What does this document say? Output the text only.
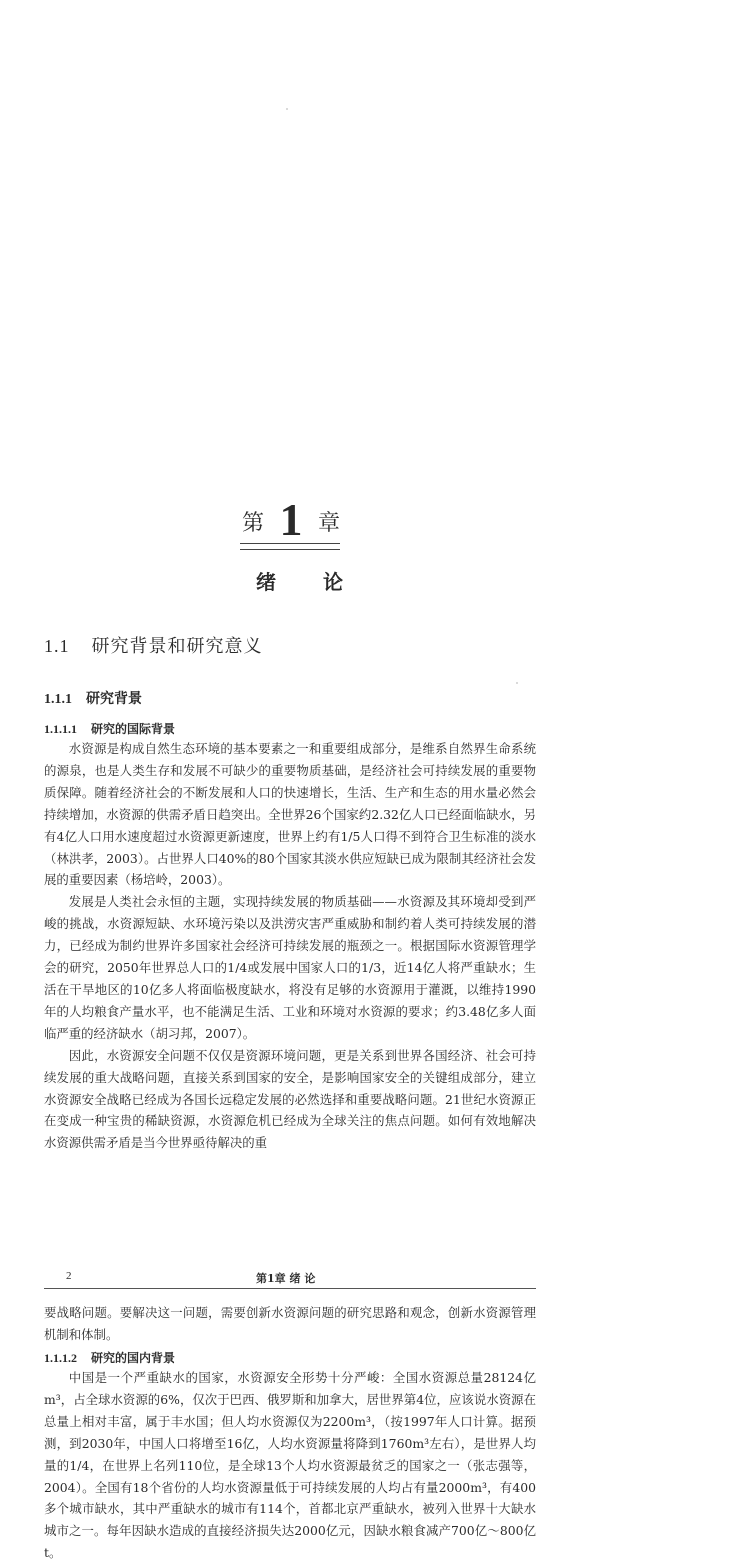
第 1 章
绪 论
1.1 研究背景和研究意义
1.1.1 研究背景
1.1.1.1 研究的国际背景

水资源是构成自然生态环境的基本要素之一和重要组成部分，是维系自然界生命系统的源泉，也是人类生存和发展不可缺少的重要物质基础，是经济社会可持续发展的重要物质保障。随着经济社会的不断发展和人口的快速增长，生活、生产和生态的用水量必然会持续增加，水资源的供需矛盾日趋突出。全世界26个国家约2.32亿人口已经面临缺水，另有4亿人口用水速度超过水资源更新速度，世界上约有1/5人口得不到符合卫生标准的淡水（林洪孝，2003）。占世界人口40%的80个国家其淡水供应短缺已成为限制其经济社会发展的重要因素（杨培岭，2003）。

发展是人类社会永恒的主题，实现持续发展的物质基础——水资源及其环境却受到严峻的挑战，水资源短缺、水环境污染以及洪涝灾害严重威胁和制约着人类可持续发展的潜力，已经成为制约世界许多国家社会经济可持续发展的瓶颈之一。根据国际水资源管理学会的研究，2050年世界总人口的1/4或发展中国家人口的1/3，近14亿人将严重缺水；生活在干旱地区的10亿多人将面临极度缺水，将没有足够的水资源用于灌溉，以维持1990年的人均粮食产量水平，也不能满足生活、工业和环境对水资源的要求；约3.48亿多人面临严重的经济缺水（胡习邦，2007）。

因此，水资源安全问题不仅仅是资源环境问题，更是关系到世界各国经济、社会可持续发展的重大战略问题，直接关系到国家的安全，是影响国家安全的关键组成部分，建立水资源安全战略已经成为各国长远稳定发展的必然选择和重要战略问题。21世纪水资源正在变成一种宝贵的稀缺资源，水资源危机已经成为全球关注的焦点问题。如何有效地解决水资源供需矛盾是当今世界亟待解决的重

2	第1章 绪 论

要战略问题。要解决这一问题，需要创新水资源问题的研究思路和观念，创新水资源管理机制和体制。

1.1.1.2 研究的国内背景

中国是一个严重缺水的国家，水资源安全形势十分严峻：全国水资源总量28124亿m³，占全球水资源的6%，仅次于巴西、俄罗斯和加拿大，居世界第4位，应该说水资源在总量上相对丰富，属于丰水国；但人均水资源仅为2200m³，（按1997年人口计算。据预测，到2030年，中国人口将增至16亿，人均水资源量将降到1760m³左右），是世界人均量的1/4，在世界上名列110位，是全球13个人均水资源最贫乏的国家之一（张志强等，2004）。全国有18个省份的人均水资源量低于可持续发展的人均占有量2000m³，有400多个城市缺水，其中严重缺水的城市有114个，首都北京严重缺水，被列入世界十大缺水城市之一。每年因缺水造成的直接经济损失达2000亿元，因缺水粮食减产700亿～800亿t。
